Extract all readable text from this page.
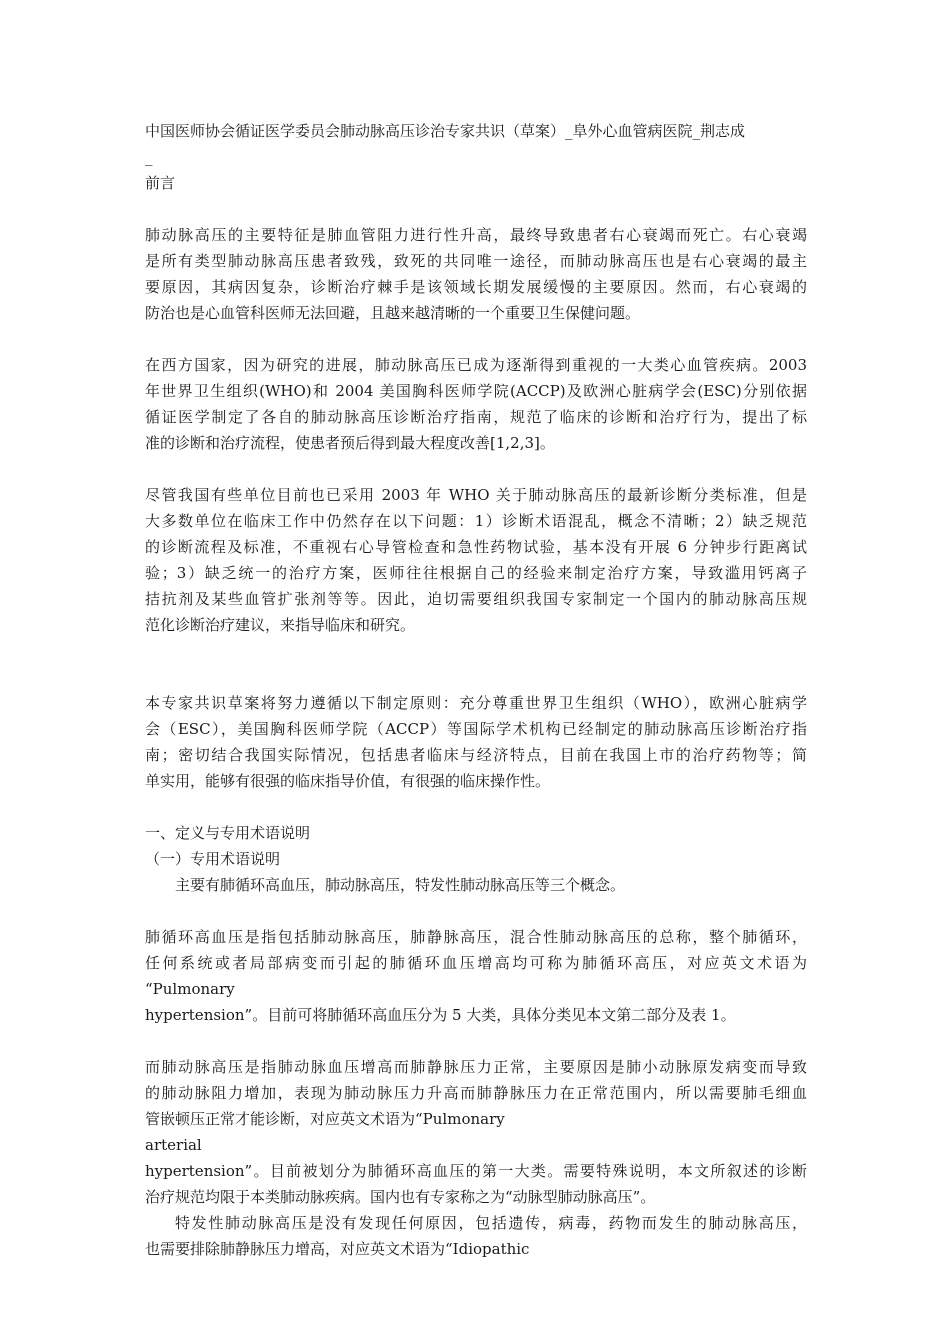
中国医师协会循证医学委员会肺动脉高压诊治专家共识（草案）_阜外心血管病医院_荆志成
_
前言
肺动脉高压的主要特征是肺血管阻力进行性升高，最终导致患者右心衰竭而死亡。右心衰竭
是所有类型肺动脉高压患者致残，致死的共同唯一途径，而肺动脉高压也是右心衰竭的最主
要原因，其病因复杂，诊断治疗棘手是该领域长期发展缓慢的主要原因。然而，右心衰竭的
防治也是心血管科医师无法回避，且越来越清晰的一个重要卫生保健问题。
在西方国家，因为研究的进展，肺动脉高压已成为逐渐得到重视的一大类心血管疾病。2003
年世界卫生组织(WHO)和 2004 美国胸科医师学院(ACCP)及欧洲心脏病学会(ESC)分别依据
循证医学制定了各自的肺动脉高压诊断治疗指南，规范了临床的诊断和治疗行为，提出了标
准的诊断和治疗流程，使患者预后得到最大程度改善[1,2,3]。
尽管我国有些单位目前也已采用 2003 年 WHO 关于肺动脉高压的最新诊断分类标准，但是
大多数单位在临床工作中仍然存在以下问题：1）诊断术语混乱，概念不清晰；2）缺乏规范
的诊断流程及标准，不重视右心导管检查和急性药物试验，基本没有开展 6 分钟步行距离试
验；3）缺乏统一的治疗方案，医师往往根据自己的经验来制定治疗方案，导致滥用钙离子
拮抗剂及某些血管扩张剂等等。因此，迫切需要组织我国专家制定一个国内的肺动脉高压规
范化诊断治疗建议，来指导临床和研究。
本专家共识草案将努力遵循以下制定原则：充分尊重世界卫生组织（WHO），欧洲心脏病学
会（ESC），美国胸科医师学院（ACCP）等国际学术机构已经制定的肺动脉高压诊断治疗指
南；密切结合我国实际情况，包括患者临床与经济特点，目前在我国上市的治疗药物等；简
单实用，能够有很强的临床指导价值，有很强的临床操作性。
一、定义与专用术语说明
（一）专用术语说明
主要有肺循环高血压，肺动脉高压，特发性肺动脉高压等三个概念。
肺循环高血压是指包括肺动脉高压，肺静脉高压，混合性肺动脉高压的总称，整个肺循环，
任何系统或者局部病变而引起的肺循环血压增高均可称为肺循环高压，对应英文术语为
“Pulmonary
hypertension”。目前可将肺循环高血压分为 5 大类，具体分类见本文第二部分及表 1。
而肺动脉高压是指肺动脉血压增高而肺静脉压力正常，主要原因是肺小动脉原发病变而导致
的肺动脉阻力增加，表现为肺动脉压力升高而肺静脉压力在正常范围内，所以需要肺毛细血
管嵌顿压正常才能诊断，对应英文术语为“Pulmonary
arterial
hypertension”。目前被划分为肺循环高血压的第一大类。需要特殊说明，本文所叙述的诊断
治疗规范均限于本类肺动脉疾病。国内也有专家称之为“动脉型肺动脉高压”。
特发性肺动脉高压是没有发现任何原因，包括遗传，病毒，药物而发生的肺动脉高压，
也需要排除肺静脉压力增高，对应英文术语为“Idiopathic
